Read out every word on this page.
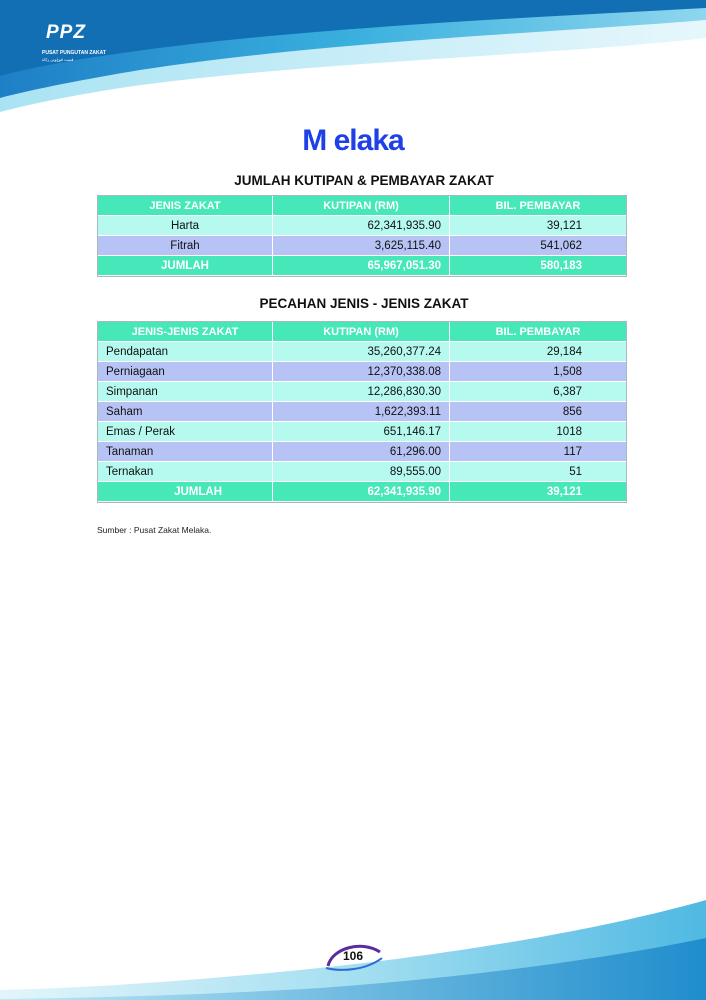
PPZ
PUSAT PUNGUTAN ZAKAT
ﭬﺴﺖ ﭬﻮڠﻮﺗﻦ ﺯﻛﺎﺓ
M elaka
JUMLAH KUTIPAN & PEMBAYAR ZAKAT
JENIS ZAKAT	KUTIPAN (RM)	BIL. PEMBAYAR
Harta	62,341,935.90	39,121
Fitrah	3,625,115.40	541,062
JUMLAH	65,967,051.30	580,183
PECAHAN JENIS - JENIS ZAKAT
JENIS-JENIS ZAKAT	KUTIPAN (RM)	BIL. PEMBAYAR
Pendapatan	35,260,377.24	29,184
Perniagaan	12,370,338.08	1,508
Simpanan	12,286,830.30	6,387
Saham	1,622,393.11	856
Emas / Perak	651,146.17	1018
Tanaman	61,296.00	117
Ternakan	89,555.00	51
JUMLAH	62,341,935.90	39,121
Sumber : Pusat Zakat Melaka.
106
